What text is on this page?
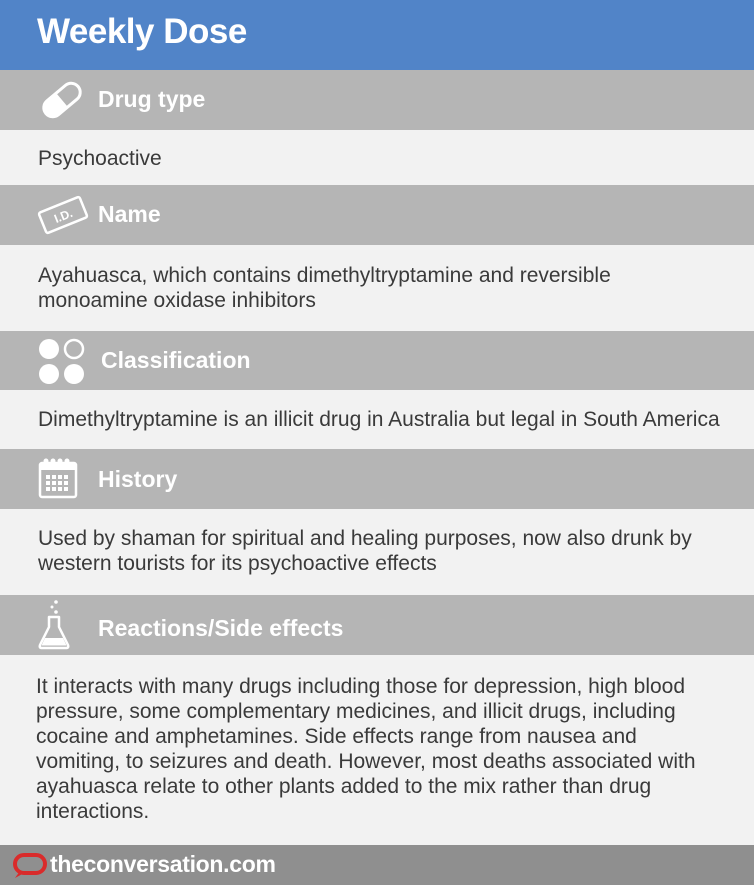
Weekly Dose
Drug type
Psychoactive
I.D. Name
Ayahuasca, which contains dimethyltryptamine and reversible monoamine oxidase inhibitors
Classification
Dimethyltryptamine is an illicit drug in Australia but legal in South America
History
Used by shaman for spiritual and healing purposes, now also drunk by western tourists for its psychoactive effects
Reactions/Side effects
It interacts with many drugs including those for depression, high blood pressure, some complementary medicines, and illicit drugs, including cocaine and amphetamines. Side effects range from nausea and vomiting, to seizures and death. However, most deaths associated with ayahuasca relate to other plants added to the mix rather than drug interactions.
theconversation.com
